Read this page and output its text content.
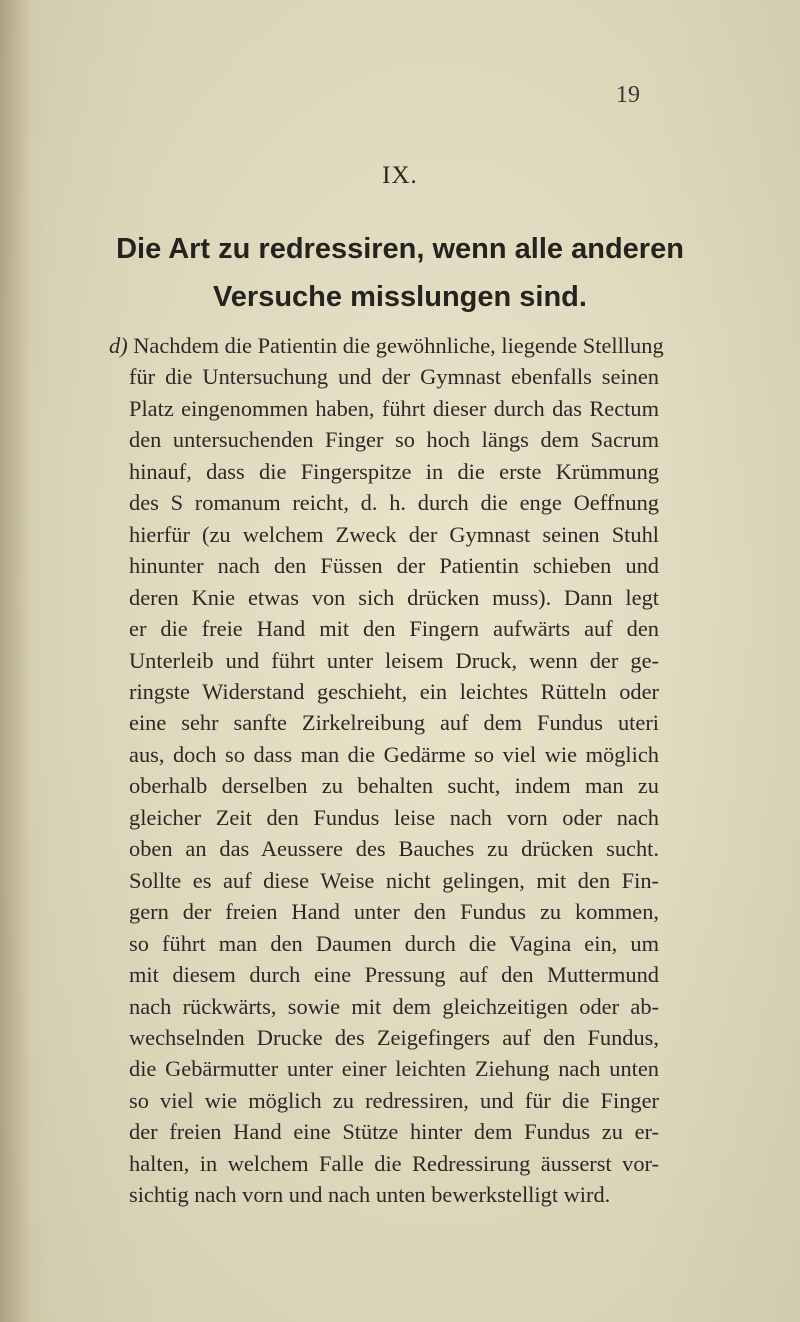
19
IX.
Die Art zu redressiren, wenn alle anderen
Versuche misslungen sind.
d) Nachdem die Patientin die gewöhnliche, liegende Stelllung
für die Untersuchung und der Gymnast ebenfalls seinen
Platz eingenommen haben, führt dieser durch das Rectum
den untersuchenden Finger so hoch längs dem Sacrum
hinauf, dass die Fingerspitze in die erste Krümmung
des S romanum reicht, d. h. durch die enge Oeffnung
hierfür (zu welchem Zweck der Gymnast seinen Stuhl
hinunter nach den Füssen der Patientin schieben und
deren Knie etwas von sich drücken muss). Dann legt
er die freie Hand mit den Fingern aufwärts auf den
Unterleib und führt unter leisem Druck, wenn der ge-
ringste Widerstand geschieht, ein leichtes Rütteln oder
eine sehr sanfte Zirkelreibung auf dem Fundus uteri
aus, doch so dass man die Gedärme so viel wie möglich
oberhalb derselben zu behalten sucht, indem man zu
gleicher Zeit den Fundus leise nach vorn oder nach
oben an das Aeussere des Bauches zu drücken sucht.
Sollte es auf diese Weise nicht gelingen, mit den Fin-
gern der freien Hand unter den Fundus zu kommen,
so führt man den Daumen durch die Vagina ein, um
mit diesem durch eine Pressung auf den Muttermund
nach rückwärts, sowie mit dem gleichzeitigen oder ab-
wechselnden Drucke des Zeigefingers auf den Fundus,
die Gebärmutter unter einer leichten Ziehung nach unten
so viel wie möglich zu redressiren, und für die Finger
der freien Hand eine Stütze hinter dem Fundus zu er-
halten, in welchem Falle die Redressirung äusserst vor-
sichtig nach vorn und nach unten bewerkstelligt wird.
